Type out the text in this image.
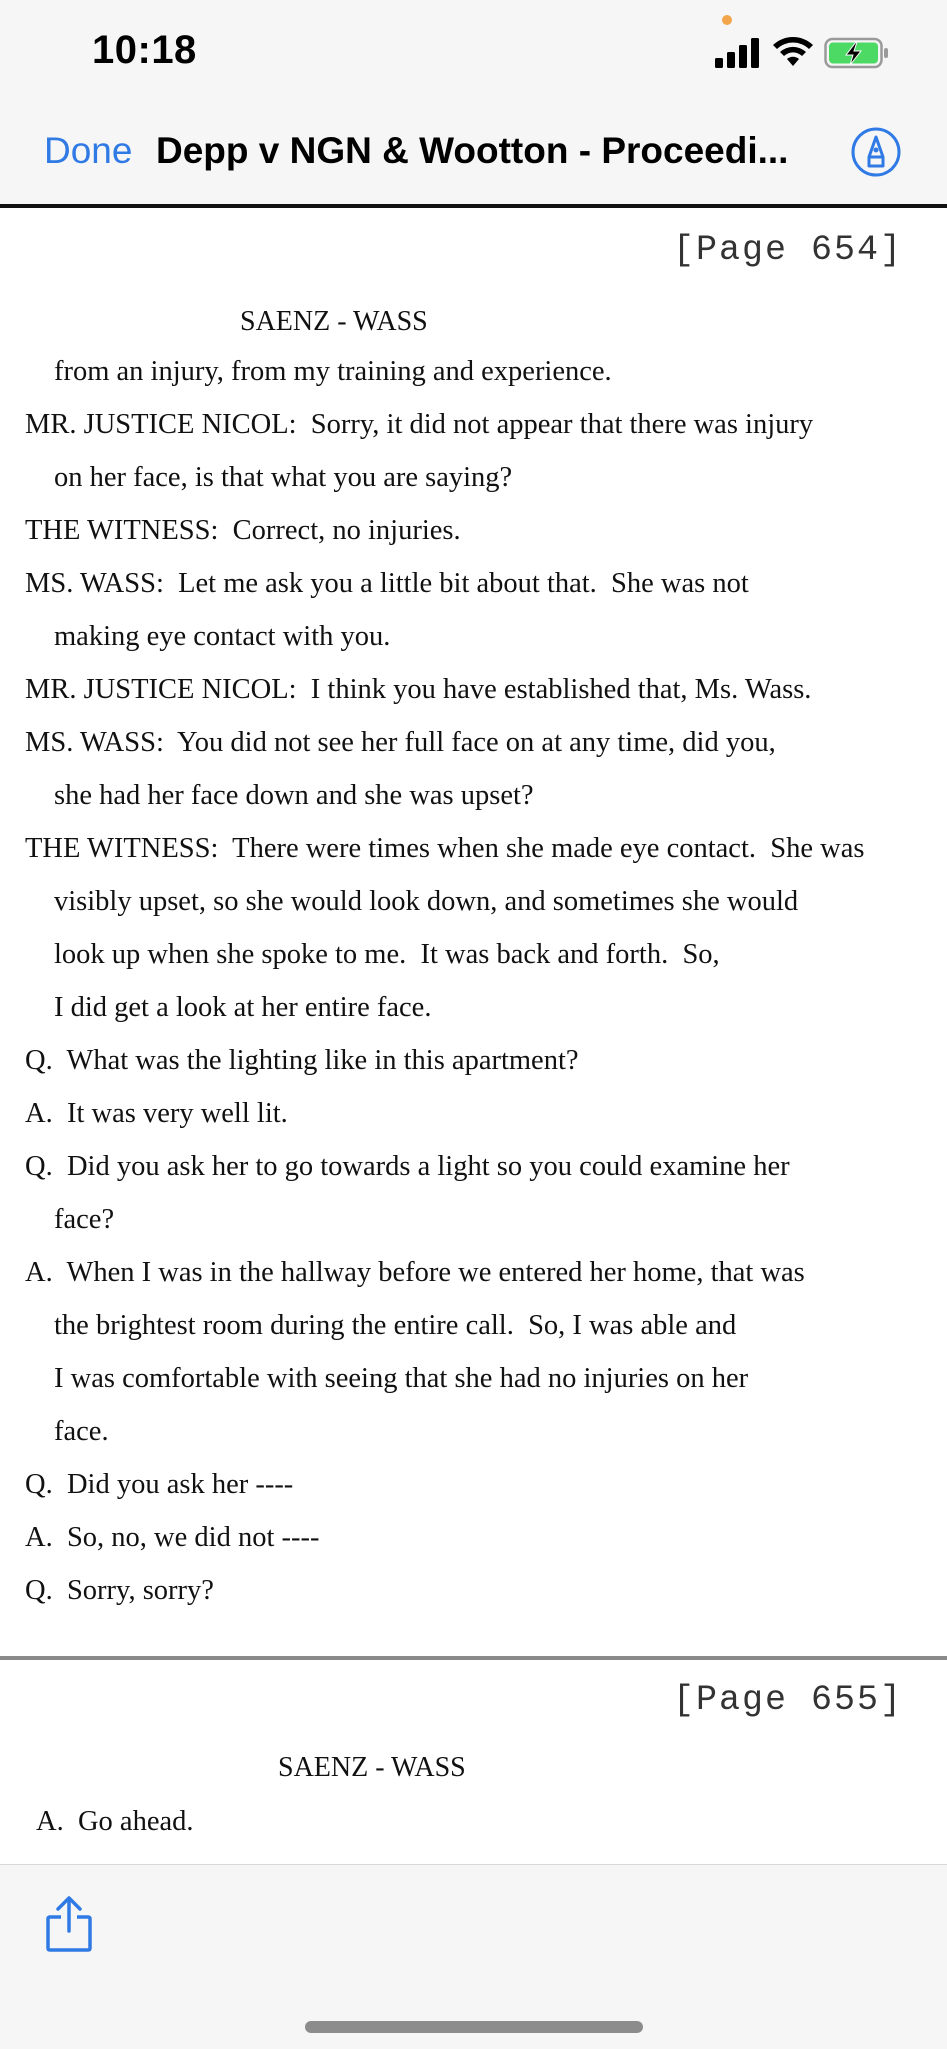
10:18
Done Depp v NGN & Wootton - Proceedi...
[Page 654]
SAENZ - WASS
from an injury, from my training and experience.
MR. JUSTICE NICOL:  Sorry, it did not appear that there was injury
on her face, is that what you are saying?
THE WITNESS:  Correct, no injuries.
MS. WASS:  Let me ask you a little bit about that.  She was not
making eye contact with you.
MR. JUSTICE NICOL:  I think you have established that, Ms. Wass.
MS. WASS:  You did not see her full face on at any time, did you,
she had her face down and she was upset?
THE WITNESS:  There were times when she made eye contact.  She was
visibly upset, so she would look down, and sometimes she would
look up when she spoke to me.  It was back and forth.  So,
I did get a look at her entire face.
Q.  What was the lighting like in this apartment?
A.  It was very well lit.
Q.  Did you ask her to go towards a light so you could examine her
face?
A.  When I was in the hallway before we entered her home, that was
the brightest room during the entire call.  So, I was able and
I was comfortable with seeing that she had no injuries on her
face.
Q.  Did you ask her ----
A.  So, no, we did not ----
Q.  Sorry, sorry?
[Page 655]
SAENZ - WASS
A.  Go ahead.
